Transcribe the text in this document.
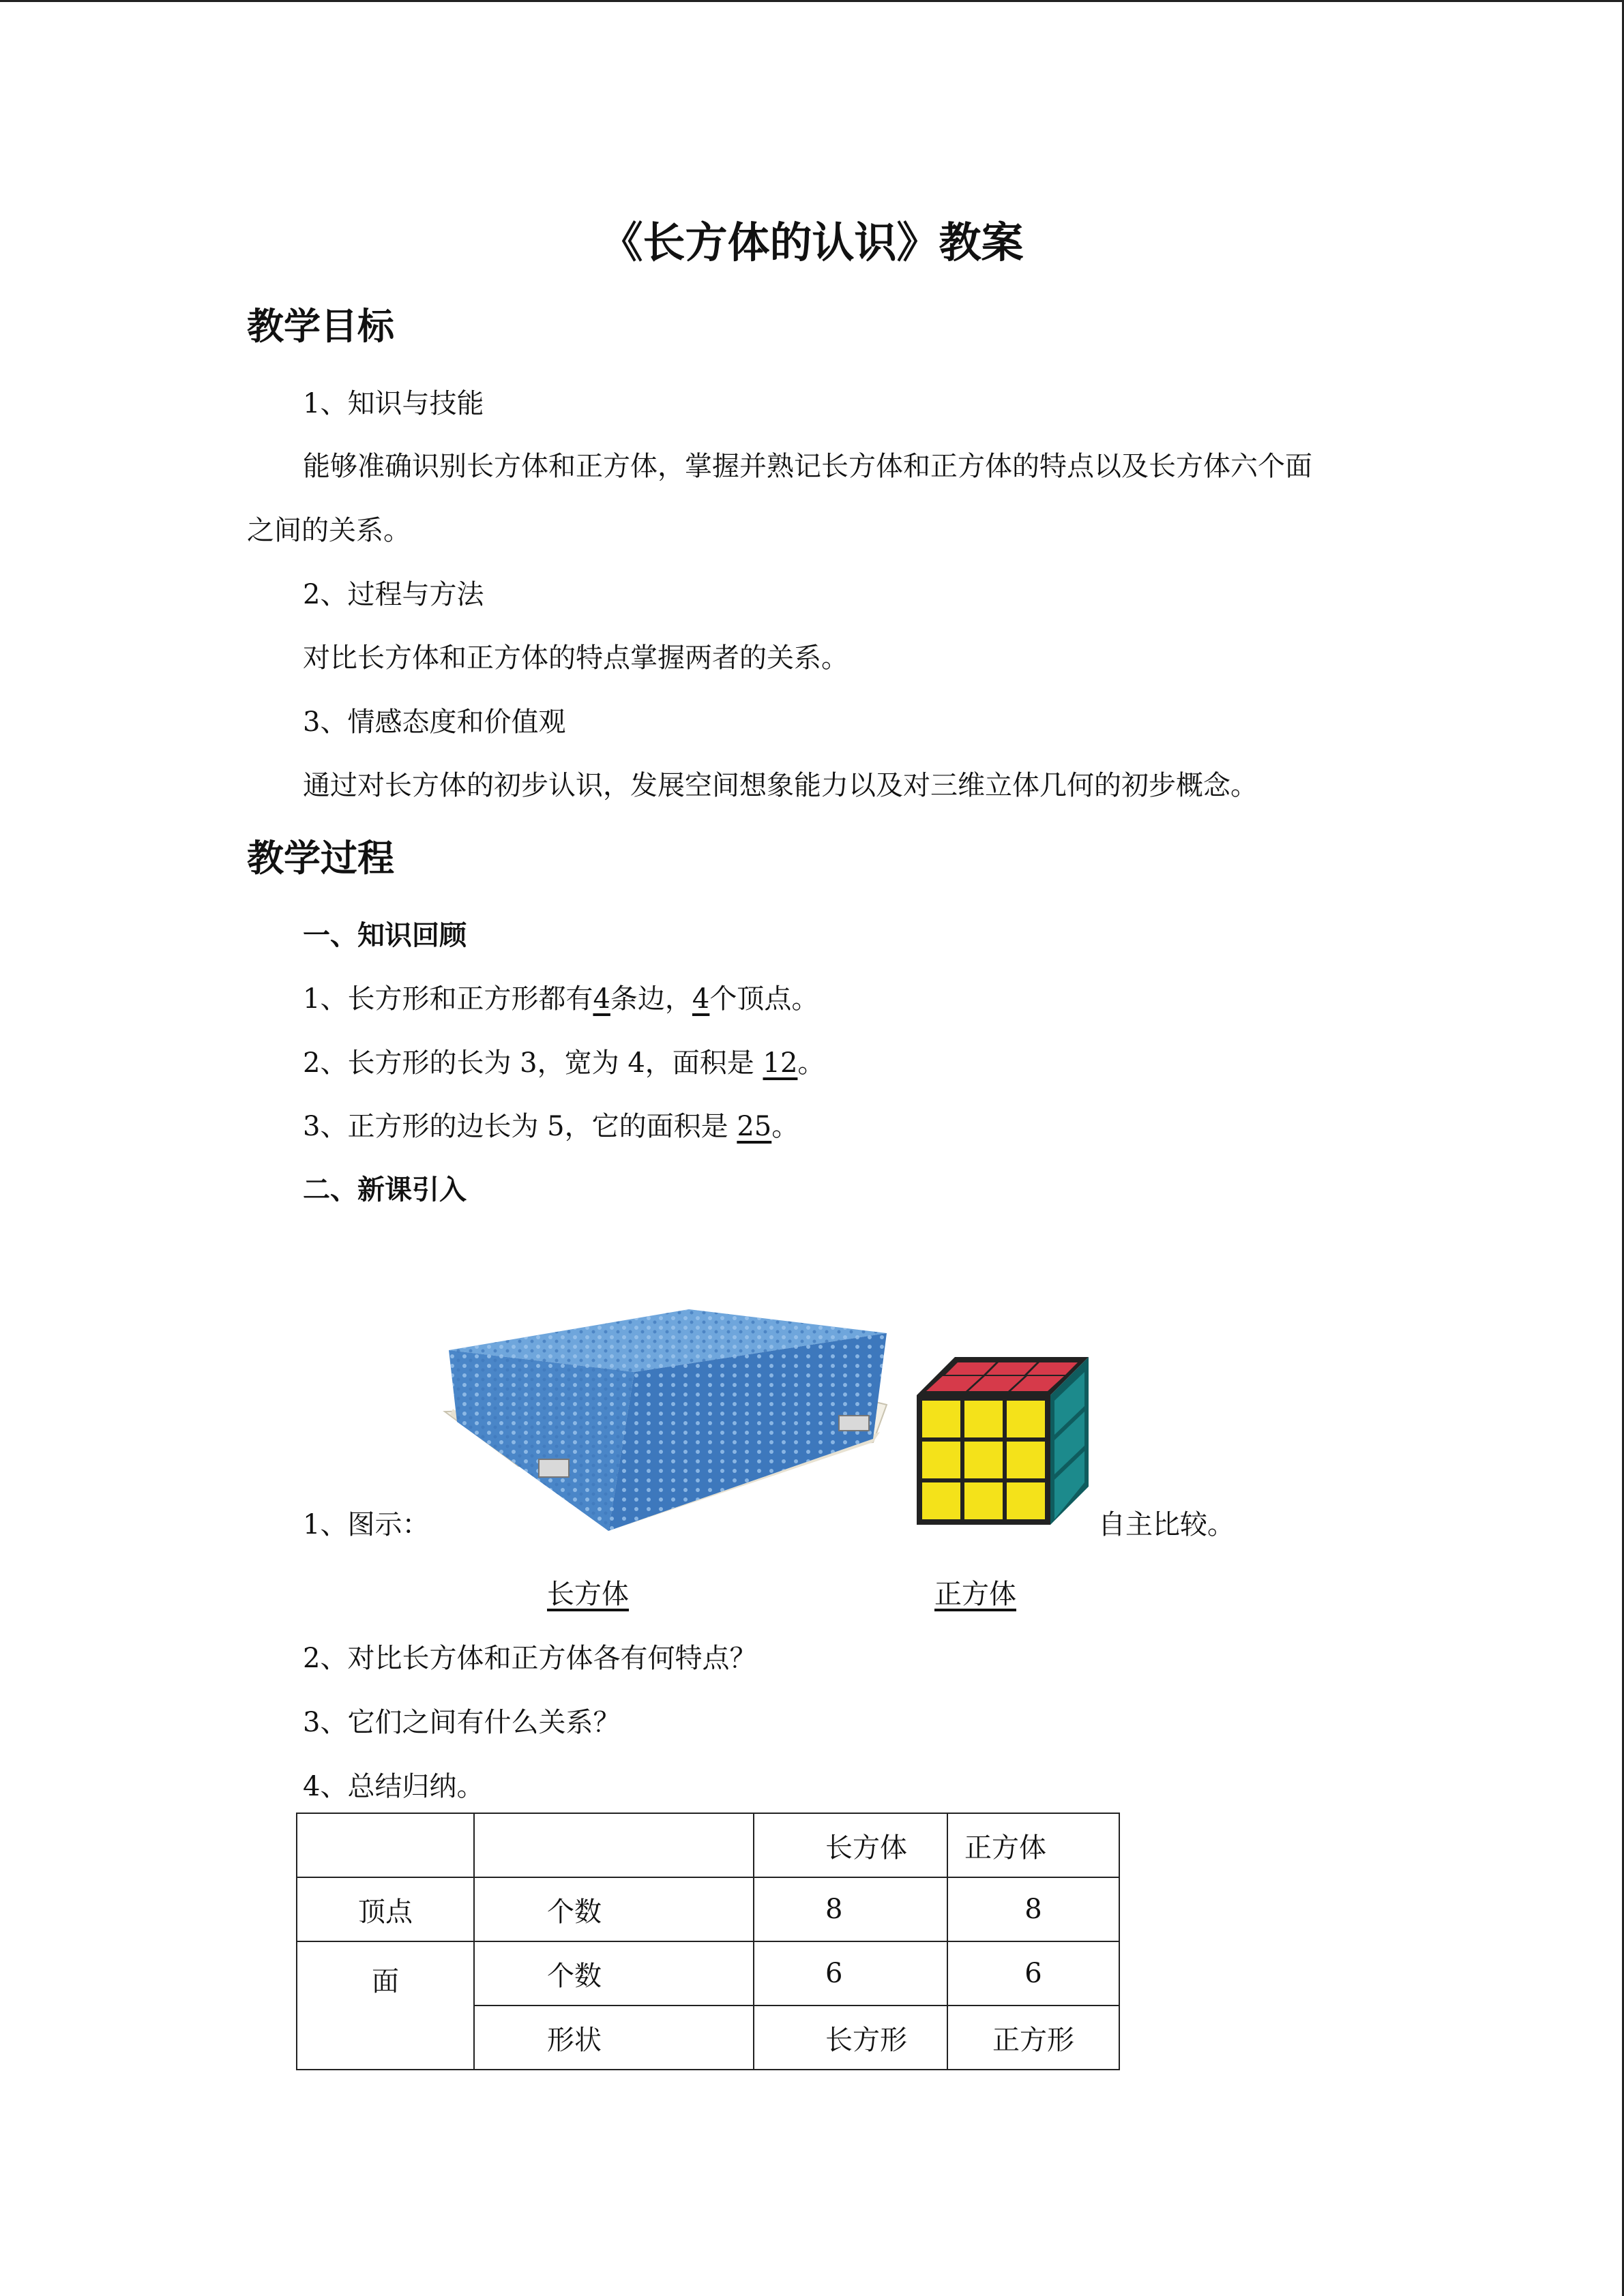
《长方体的认识》教案
教学目标
1、知识与技能
能够准确识别长方体和正方体，掌握并熟记长方体和正方体的特点以及长方体六个面
之间的关系。
2、过程与方法
对比长方体和正方体的特点掌握两者的关系。
3、情感态度和价值观
通过对长方体的初步认识，发展空间想象能力以及对三维立体几何的初步概念。
教学过程
一、知识回顾
1、长方形和正方形都有4条边，4个顶点。
2、长方形的长为 3，宽为 4，面积是 12。
3、正方形的边长为 5，它的面积是 25。
二、新课引入
1、图示：	自主比较。
长方体	正方体
2、对比长方体和正方体各有何特点？
3、它们之间有什么关系？
4、总结归纳。
		长方体	正方体
顶点	个数	8	8
面	个数	6	6
	形状	长方形	正方形
